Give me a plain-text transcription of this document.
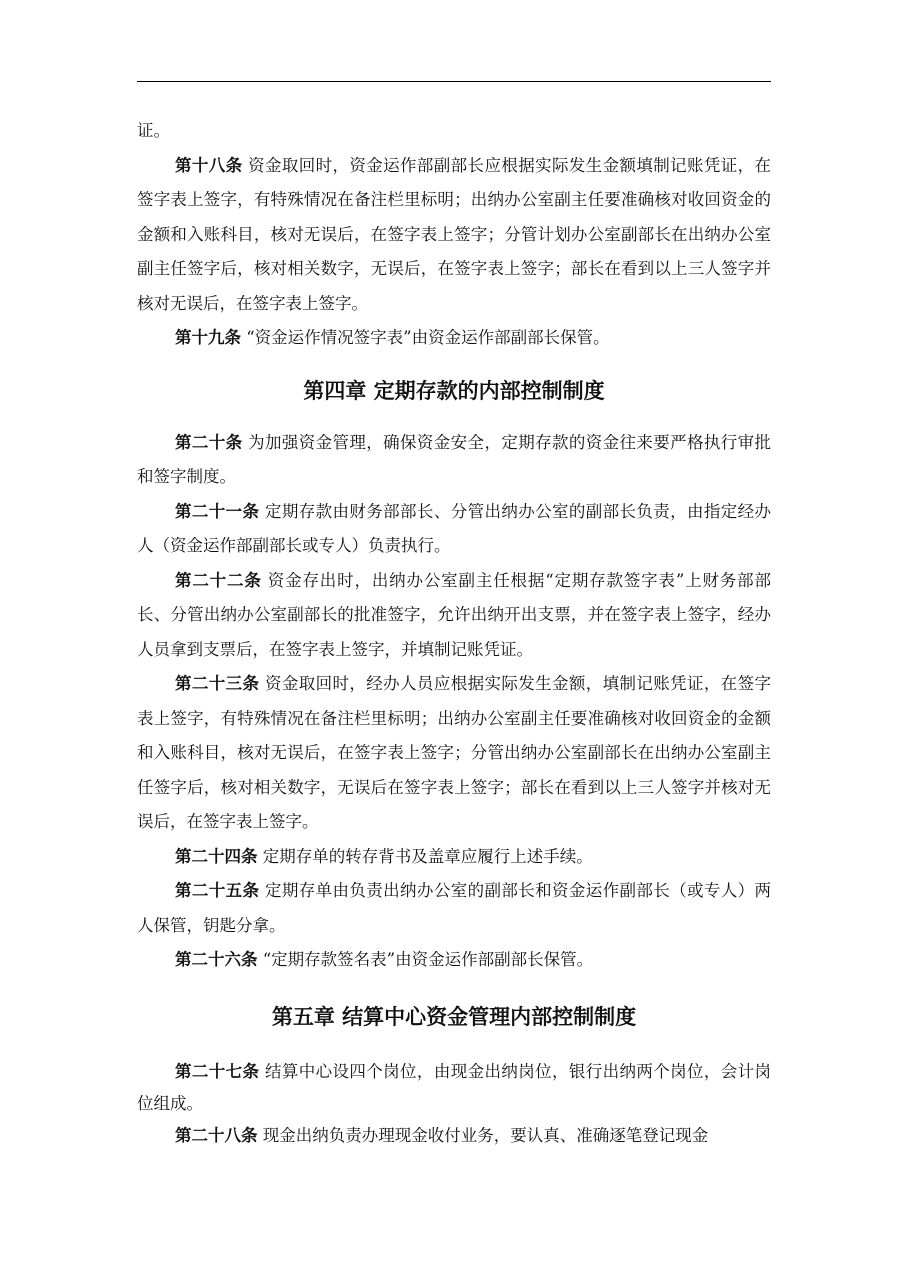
证。

第十八条 资金取回时，资金运作部副部长应根据实际发生金额填制记账凭证，在签字表上签字，有特殊情况在备注栏里标明；出纳办公室副主任要准确核对收回资金的金额和入账科目，核对无误后，在签字表上签字；分管计划办公室副部长在出纳办公室副主任签字后，核对相关数字，无误后，在签字表上签字；部长在看到以上三人签字并核对无误后，在签字表上签字。

第十九条 “资金运作情况签字表”由资金运作部副部长保管。

第四章 定期存款的内部控制制度

第二十条 为加强资金管理，确保资金安全，定期存款的资金往来要严格执行审批和签字制度。

第二十一条 定期存款由财务部部长、分管出纳办公室的副部长负责，由指定经办人（资金运作部副部长或专人）负责执行。

第二十二条 资金存出时，出纳办公室副主任根据“定期存款签字表”上财务部部长、分管出纳办公室副部长的批准签字，允许出纳开出支票，并在签字表上签字，经办人员拿到支票后，在签字表上签字，并填制记账凭证。

第二十三条 资金取回时，经办人员应根据实际发生金额，填制记账凭证，在签字表上签字，有特殊情况在备注栏里标明；出纳办公室副主任要准确核对收回资金的金额和入账科目，核对无误后，在签字表上签字；分管出纳办公室副部长在出纳办公室副主任签字后，核对相关数字，无误后在签字表上签字；部长在看到以上三人签字并核对无误后，在签字表上签字。

第二十四条 定期存单的转存背书及盖章应履行上述手续。

第二十五条 定期存单由负责出纳办公室的副部长和资金运作副部长（或专人）两人保管，钥匙分拿。

第二十六条 “定期存款签名表”由资金运作部副部长保管。

第五章 结算中心资金管理内部控制制度

第二十七条 结算中心设四个岗位，由现金出纳岗位，银行出纳两个岗位，会计岗位组成。

第二十八条 现金出纳负责办理现金收付业务，要认真、准确逐笔登记现金
